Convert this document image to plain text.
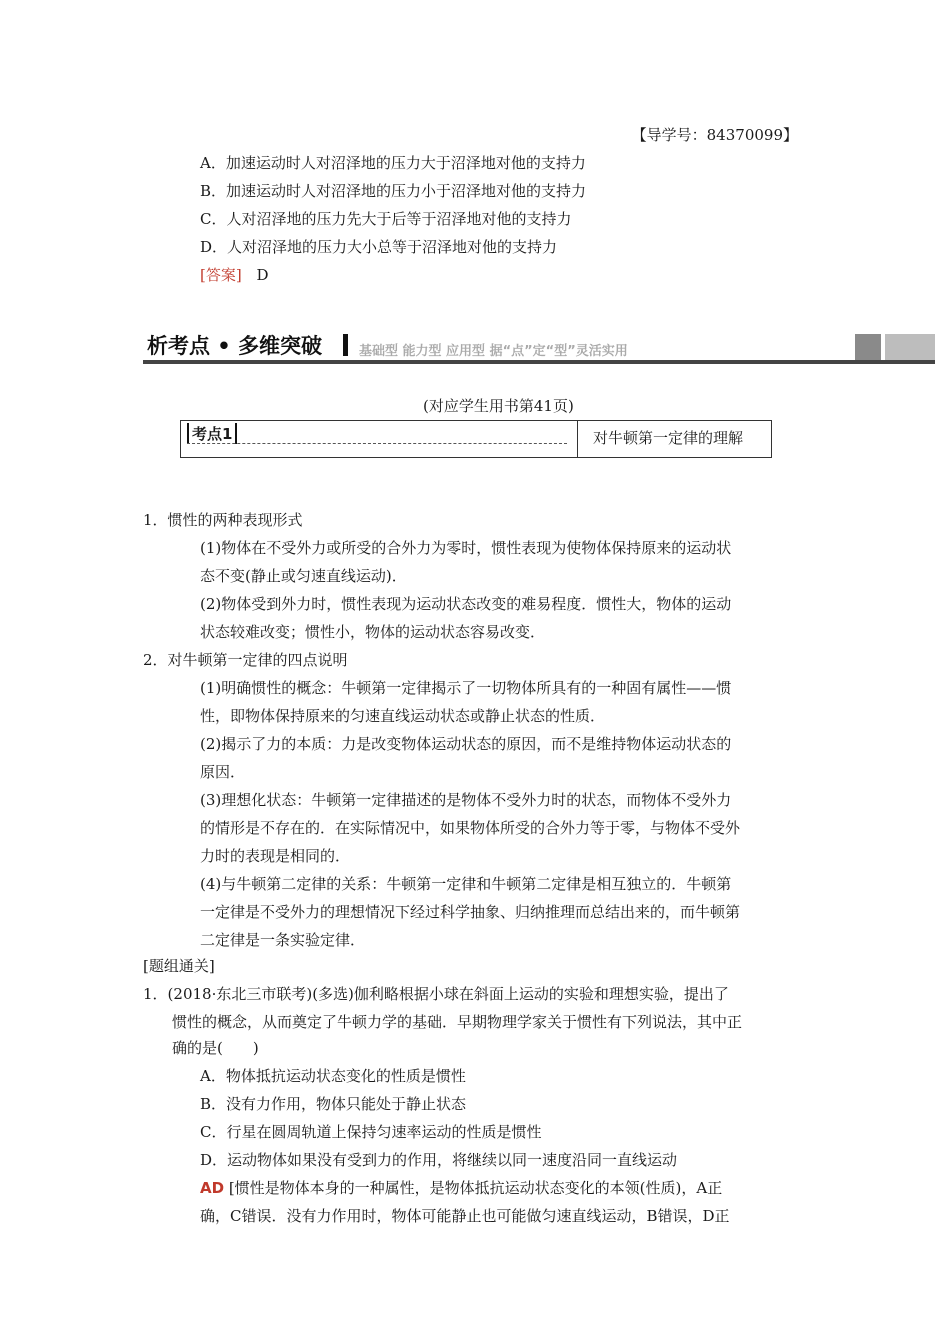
【导学号：84370099】
A．加速运动时人对沼泽地的压力大于沼泽地对他的支持力
B．加速运动时人对沼泽地的压力小于沼泽地对他的支持力
C．人对沼泽地的压力先大于后等于沼泽地对他的支持力
D．人对沼泽地的压力大小总等于沼泽地对他的支持力
[答案] D
析考点 • 多维突破	基础型 能力型 应用型 据“点”定“型”灵活实用
(对应学生用书第41页)
考点1	对牛顿第一定律的理解
1．惯性的两种表现形式
(1)物体在不受外力或所受的合外力为零时，惯性表现为使物体保持原来的运动状
态不变(静止或匀速直线运动)．
(2)物体受到外力时，惯性表现为运动状态改变的难易程度．惯性大，物体的运动
状态较难改变；惯性小，物体的运动状态容易改变．
2．对牛顿第一定律的四点说明
(1)明确惯性的概念：牛顿第一定律揭示了一切物体所具有的一种固有属性——惯
性，即物体保持原来的匀速直线运动状态或静止状态的性质．
(2)揭示了力的本质：力是改变物体运动状态的原因，而不是维持物体运动状态的
原因．
(3)理想化状态：牛顿第一定律描述的是物体不受外力时的状态，而物体不受外力
的情形是不存在的．在实际情况中，如果物体所受的合外力等于零，与物体不受外
力时的表现是相同的．
(4)与牛顿第二定律的关系：牛顿第一定律和牛顿第二定律是相互独立的．牛顿第
一定律是不受外力的理想情况下经过科学抽象、归纳推理而总结出来的，而牛顿第
二定律是一条实验定律．
[题组通关]
1．(2018·东北三市联考)(多选)伽利略根据小球在斜面上运动的实验和理想实验，提出了
惯性的概念，从而奠定了牛顿力学的基础．早期物理学家关于惯性有下列说法，其中正
确的是(　　)
A．物体抵抗运动状态变化的性质是惯性
B．没有力作用，物体只能处于静止状态
C．行星在圆周轨道上保持匀速率运动的性质是惯性
D．运动物体如果没有受到力的作用，将继续以同一速度沿同一直线运动
确，C错误．没有力作用时，物体可能静止也可能做匀速直线运动，B错误，D正
AD [惯性是物体本身的一种属性，是物体抵抗运动状态变化的本领(性质)，A正
